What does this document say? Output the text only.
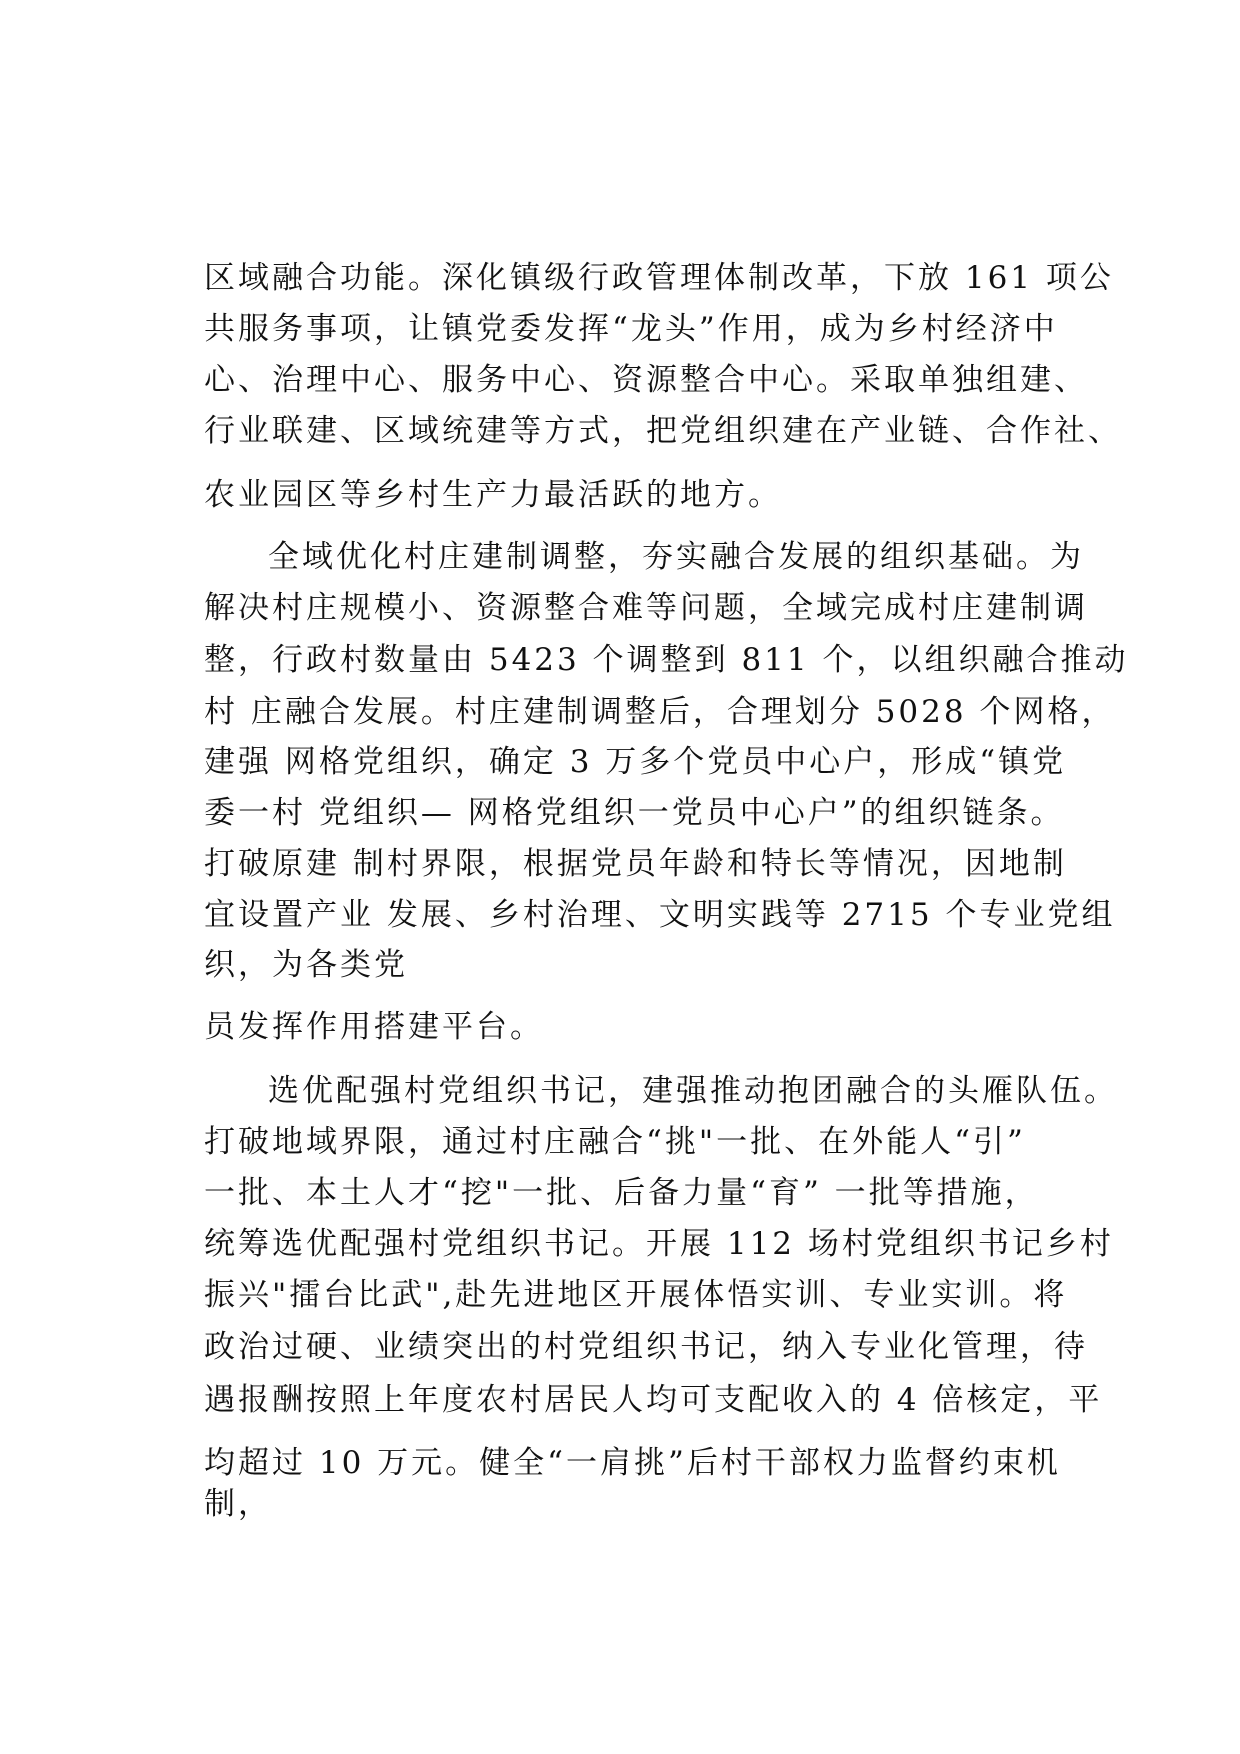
区域融合功能。深化镇级行政管理体制改革，下放 161 项公
共服务事项，让镇党委发挥“龙头”作用，成为乡村经济中
心、治理中心、服务中心、资源整合中心。采取单独组建、
行业联建、区域统建等方式，把党组织建在产业链、合作社、
农业园区等乡村生产力最活跃的地方。
全域优化村庄建制调整，夯实融合发展的组织基础。为
解决村庄规模小、资源整合难等问题，全域完成村庄建制调
整，行政村数量由 5423 个调整到 811 个，以组织融合推动
村 庄融合发展。村庄建制调整后，合理划分 5028 个网格，
建强 网格党组织，确定 3 万多个党员中心户，形成“镇党
委一村 党组织— 网格党组织一党员中心户”的组织链条。
打破原建 制村界限，根据党员年龄和特长等情况，因地制
宜设置产业 发展、乡村治理、文明实践等 2715 个专业党组
织，为各类党
员发挥作用搭建平台。
选优配强村党组织书记，建强推动抱团融合的头雁队伍。
打破地域界限，通过村庄融合“挑"一批、在外能人“引”
一批、本土人才“挖"一批、后备力量“育” 一批等措施，
统筹选优配强村党组织书记。开展 112 场村党组织书记乡村
振兴"擂台比武",赴先进地区开展体悟实训、专业实训。将
政治过硬、业绩突出的村党组织书记，纳入专业化管理，待
遇报酬按照上年度农村居民人均可支配收入的 4 倍核定，平
均超过 10 万元。健全“一肩挑”后村干部权力监督约束机
制，
